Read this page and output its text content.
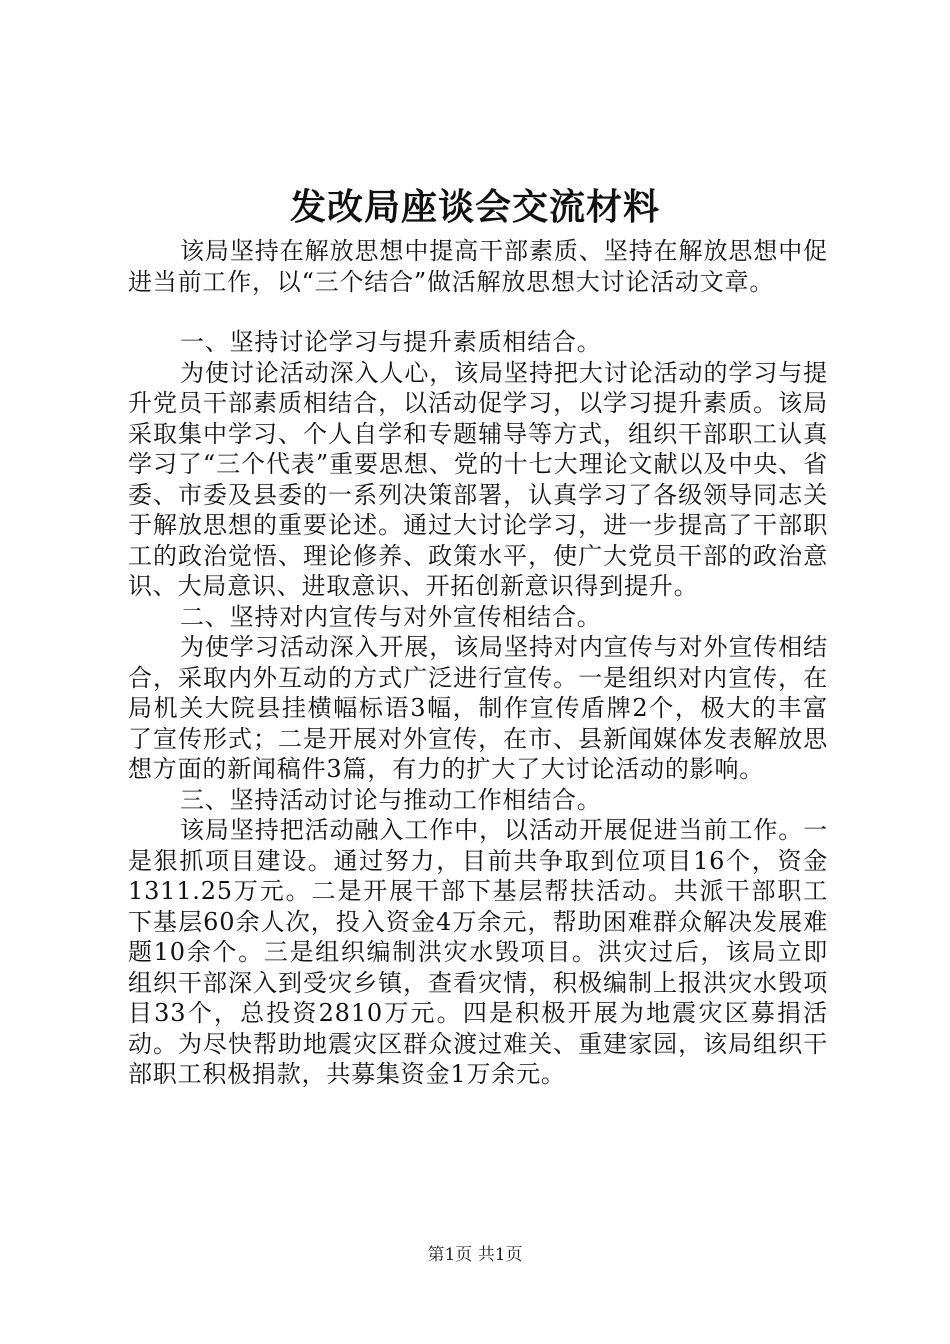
发改局座谈会交流材料

该局坚持在解放思想中提高干部素质、坚持在解放思想中促进当前工作，以“三个结合”做活解放思想大讨论活动文章。

一、坚持讨论学习与提升素质相结合。

为使讨论活动深入人心，该局坚持把大讨论活动的学习与提升党员干部素质相结合，以活动促学习，以学习提升素质。该局采取集中学习、个人自学和专题辅导等方式，组织干部职工认真学习了“三个代表”重要思想、党的十七大理论文献以及中央、省委、市委及县委的一系列决策部署，认真学习了各级领导同志关于解放思想的重要论述。通过大讨论学习，进一步提高了干部职工的政治觉悟、理论修养、政策水平，使广大党员干部的政治意识、大局意识、进取意识、开拓创新意识得到提升。

二、坚持对内宣传与对外宣传相结合。

为使学习活动深入开展，该局坚持对内宣传与对外宣传相结合，采取内外互动的方式广泛进行宣传。一是组织对内宣传，在局机关大院县挂横幅标语3幅，制作宣传盾牌2个，极大的丰富了宣传形式；二是开展对外宣传，在市、县新闻媒体发表解放思想方面的新闻稿件3篇，有力的扩大了大讨论活动的影响。

三、坚持活动讨论与推动工作相结合。

该局坚持把活动融入工作中，以活动开展促进当前工作。一是狠抓项目建设。通过努力，目前共争取到位项目16个，资金1311.25万元。二是开展干部下基层帮扶活动。共派干部职工下基层60余人次，投入资金4万余元，帮助困难群众解决发展难题10余个。三是组织编制洪灾水毁项目。洪灾过后，该局立即组织干部深入到受灾乡镇，查看灾情，积极编制上报洪灾水毁项目33个，总投资2810万元。四是积极开展为地震灾区募捐活动。为尽快帮助地震灾区群众渡过难关、重建家园，该局组织干部职工积极捐款，共募集资金1万余元。

第1页 共1页
